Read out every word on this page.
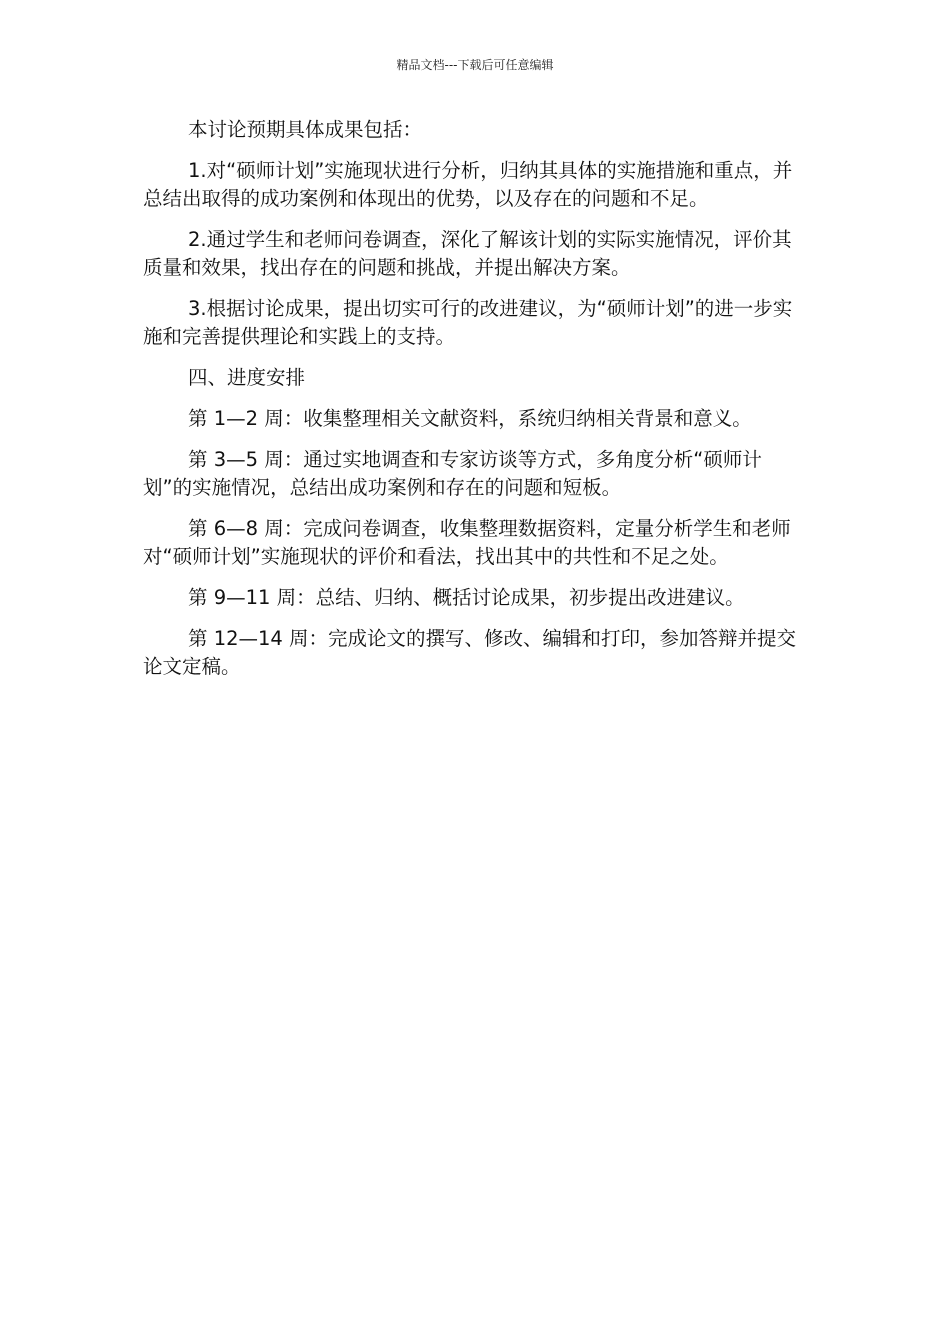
精品文档---下载后可任意编辑

本讨论预期具体成果包括：

1.对“硕师计划”实施现状进行分析，归纳其具体的实施措施和重点，并总结出取得的成功案例和体现出的优势，以及存在的问题和不足。

2.通过学生和老师问卷调查，深化了解该计划的实际实施情况，评价其质量和效果，找出存在的问题和挑战，并提出解决方案。

3.根据讨论成果，提出切实可行的改进建议，为“硕师计划”的进一步实施和完善提供理论和实践上的支持。

四、进度安排

第 1—2 周：收集整理相关文献资料，系统归纳相关背景和意义。

第 3—5 周：通过实地调查和专家访谈等方式，多角度分析“硕师计划”的实施情况，总结出成功案例和存在的问题和短板。

第 6—8 周：完成问卷调查，收集整理数据资料，定量分析学生和老师对“硕师计划”实施现状的评价和看法，找出其中的共性和不足之处。

第 9—11 周：总结、归纳、概括讨论成果，初步提出改进建议。

第 12—14 周：完成论文的撰写、修改、编辑和打印，参加答辩并提交论文定稿。
